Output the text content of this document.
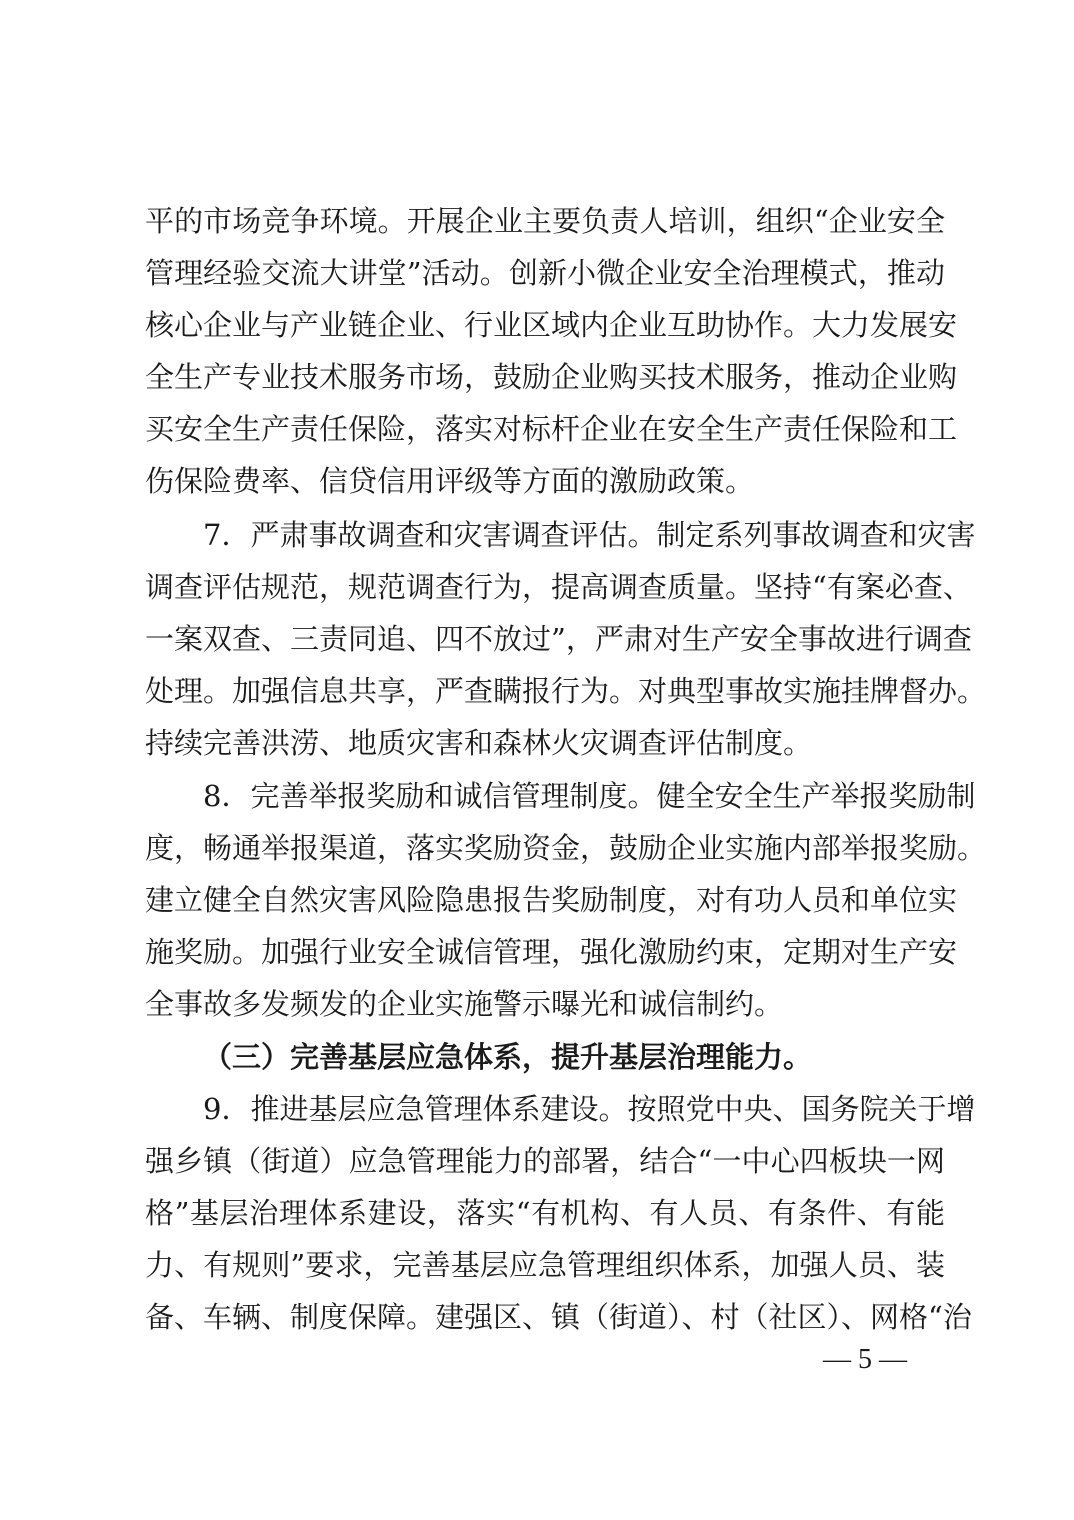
平的市场竞争环境。开展企业主要负责人培训，组织“企业安全
管理经验交流大讲堂”活动。创新小微企业安全治理模式，推动
核心企业与产业链企业、行业区域内企业互助协作。大力发展安
全生产专业技术服务市场，鼓励企业购买技术服务，推动企业购
买安全生产责任保险，落实对标杆企业在安全生产责任保险和工
伤保险费率、信贷信用评级等方面的激励政策。
7．严肃事故调查和灾害调查评估。制定系列事故调查和灾害
调查评估规范，规范调查行为，提高调查质量。坚持“有案必查、
一案双查、三责同追、四不放过”，严肃对生产安全事故进行调查
处理。加强信息共享，严查瞒报行为。对典型事故实施挂牌督办。
持续完善洪涝、地质灾害和森林火灾调查评估制度。
8．完善举报奖励和诚信管理制度。健全安全生产举报奖励制
度，畅通举报渠道，落实奖励资金，鼓励企业实施内部举报奖励。
建立健全自然灾害风险隐患报告奖励制度，对有功人员和单位实
施奖励。加强行业安全诚信管理，强化激励约束，定期对生产安
全事故多发频发的企业实施警示曝光和诚信制约。
（三）完善基层应急体系，提升基层治理能力。
9．推进基层应急管理体系建设。按照党中央、国务院关于增
强乡镇（街道）应急管理能力的部署，结合“一中心四板块一网
格”基层治理体系建设，落实“有机构、有人员、有条件、有能
力、有规则”要求，完善基层应急管理组织体系，加强人员、装
备、车辆、制度保障。建强区、镇（街道）、村（社区）、网格“治
— 5 —
